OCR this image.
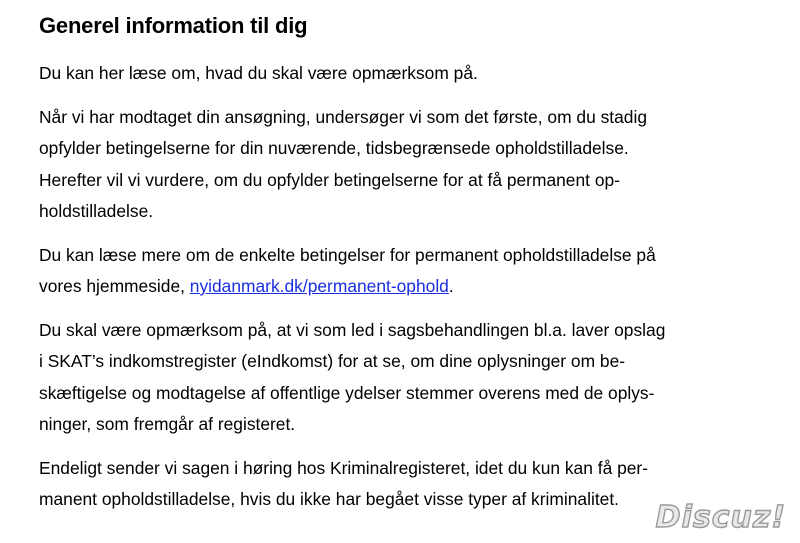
Generel information til dig

Du kan her læse om, hvad du skal være opmærksom på.

Når vi har modtaget din ansøgning, undersøger vi som det første, om du stadig
opfylder betingelserne for din nuværende, tidsbegrænsede opholdstilladelse.
Herefter vil vi vurdere, om du opfylder betingelserne for at få permanent op-
holdstilladelse.

Du kan læse mere om de enkelte betingelser for permanent opholdstilladelse på
vores hjemmeside, nyidanmark.dk/permanent-ophold.

Du skal være opmærksom på, at vi som led i sagsbehandlingen bl.a. laver opslag
i SKAT’s indkomstregister (eIndkomst) for at se, om dine oplysninger om be-
skæftigelse og modtagelse af offentlige ydelser stemmer overens med de oplys-
ninger, som fremgår af registeret.

Endeligt sender vi sagen i høring hos Kriminalregisteret, idet du kun kan få per-
manent opholdstilladelse, hvis du ikke har begået visse typer af kriminalitet.

Discuz!
